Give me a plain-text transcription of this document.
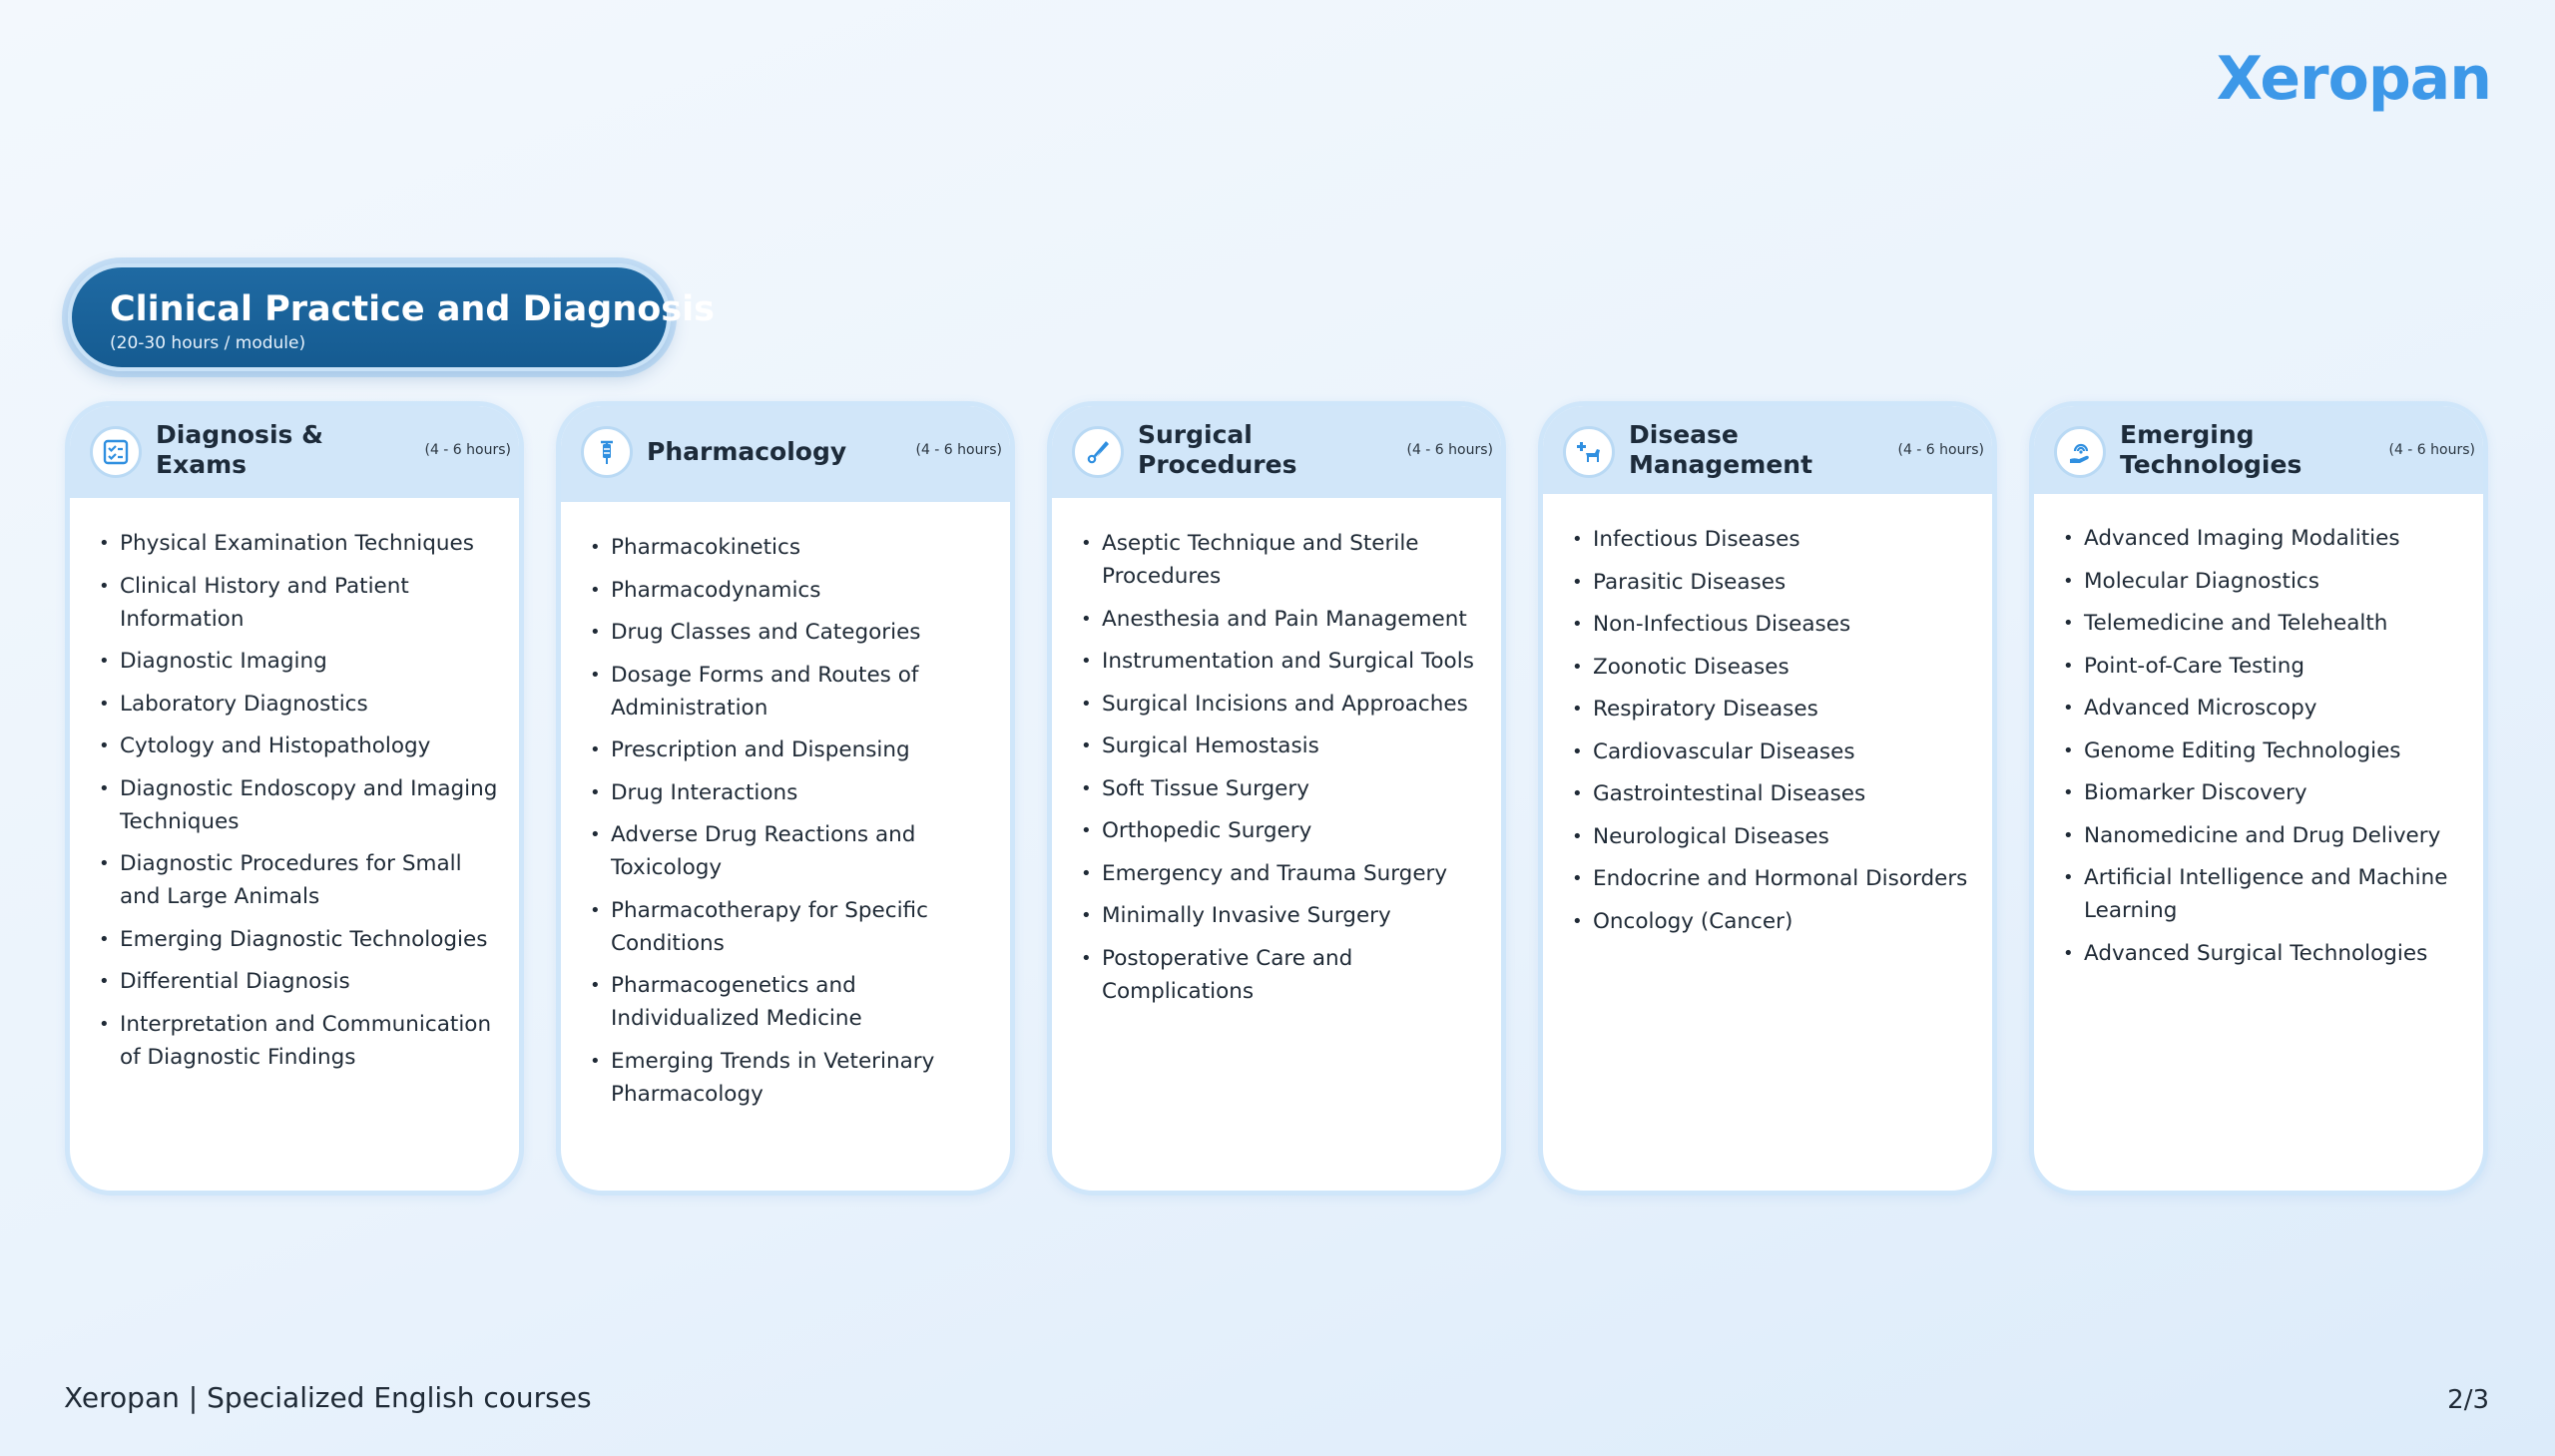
Xeropan
Clinical Practice and Diagnosis
(20-30 hours / module)
Diagnosis & Exams	(4 - 6 hours)
• Physical Examination Techniques
• Clinical History and Patient Information
• Diagnostic Imaging
• Laboratory Diagnostics
• Cytology and Histopathology
• Diagnostic Endoscopy and Imaging Techniques
• Diagnostic Procedures for Small and Large Animals
• Emerging Diagnostic Technologies
• Differential Diagnosis
• Interpretation and Communication of Diagnostic Findings
Pharmacology	(4 - 6 hours)
• Pharmacokinetics
• Pharmacodynamics
• Drug Classes and Categories
• Dosage Forms and Routes of Administration
• Prescription and Dispensing
• Drug Interactions
• Adverse Drug Reactions and Toxicology
• Pharmacotherapy for Specific Conditions
• Pharmacogenetics and Individualized Medicine
• Emerging Trends in Veterinary Pharmacology
Surgical Procedures	(4 - 6 hours)
• Aseptic Technique and Sterile Procedures
• Anesthesia and Pain Management
• Instrumentation and Surgical Tools
• Surgical Incisions and Approaches
• Surgical Hemostasis
• Soft Tissue Surgery
• Orthopedic Surgery
• Emergency and Trauma Surgery
• Minimally Invasive Surgery
• Postoperative Care and Complications
Disease Management	(4 - 6 hours)
• Infectious Diseases
• Parasitic Diseases
• Non-Infectious Diseases
• Zoonotic Diseases
• Respiratory Diseases
• Cardiovascular Diseases
• Gastrointestinal Diseases
• Neurological Diseases
• Endocrine and Hormonal Disorders
• Oncology (Cancer)
Emerging Technologies	(4 - 6 hours)
• Advanced Imaging Modalities
• Molecular Diagnostics
• Telemedicine and Telehealth
• Point-of-Care Testing
• Advanced Microscopy
• Genome Editing Technologies
• Biomarker Discovery
• Nanomedicine and Drug Delivery
• Artificial Intelligence and Machine Learning
• Advanced Surgical Technologies
Xeropan | Specialized English courses	2/3
